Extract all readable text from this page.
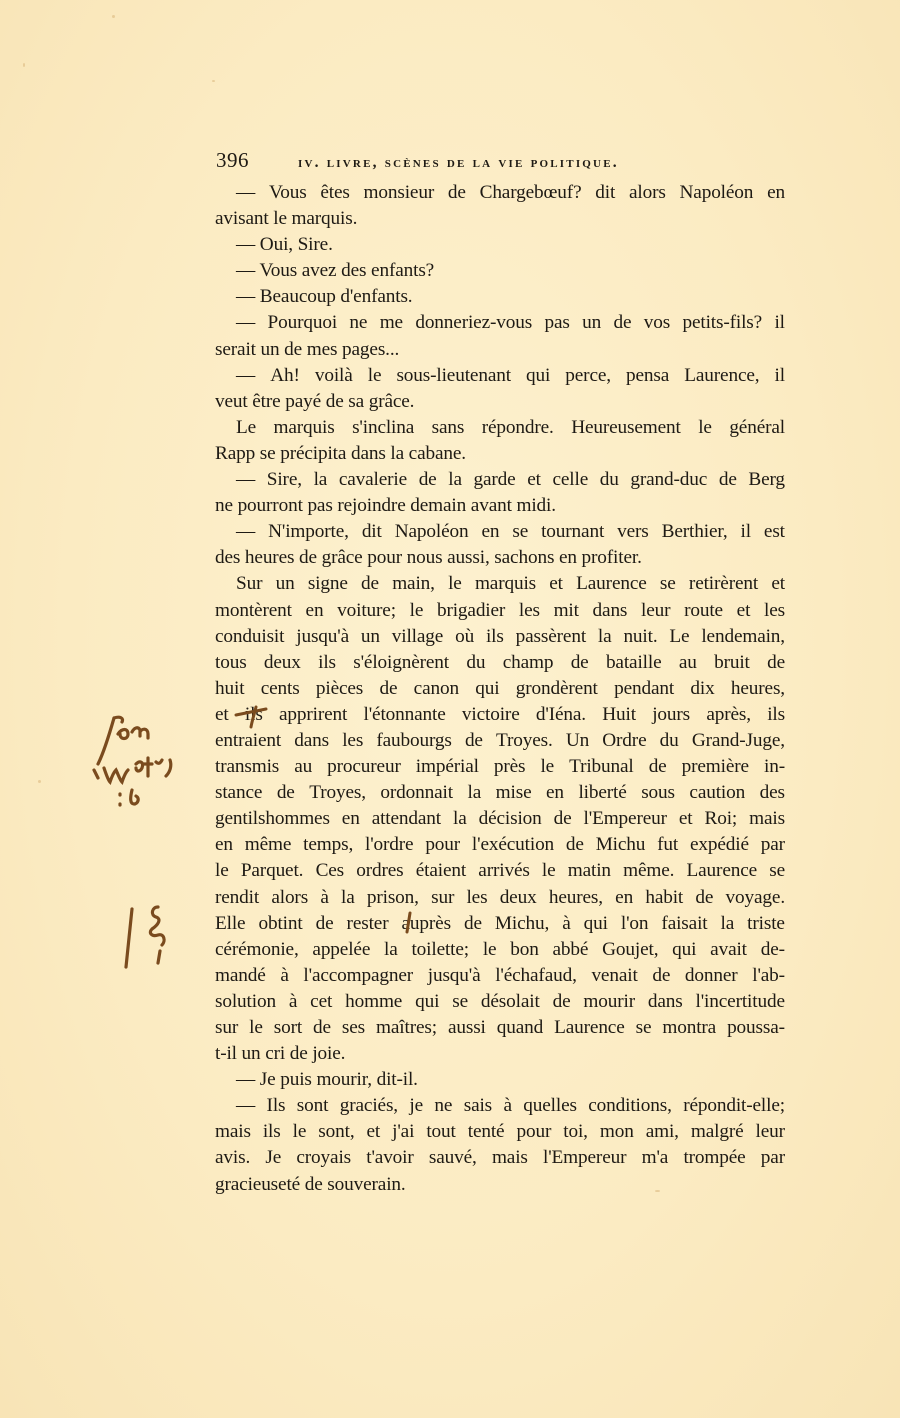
396	iv. livre, scènes de la vie politique.
— Vous êtes monsieur de Chargebœuf? dit alors Napoléon en
avisant le marquis.
— Oui, Sire.
— Vous avez des enfants?
— Beaucoup d'enfants.
— Pourquoi ne me donneriez-vous pas un de vos petits-fils? il
serait un de mes pages...
— Ah! voilà le sous-lieutenant qui perce, pensa Laurence, il
veut être payé de sa grâce.
Le marquis s'inclina sans répondre. Heureusement le général
Rapp se précipita dans la cabane.
— Sire, la cavalerie de la garde et celle du grand-duc de Berg
ne pourront pas rejoindre demain avant midi.
— N'importe, dit Napoléon en se tournant vers Berthier, il est
des heures de grâce pour nous aussi, sachons en profiter.
Sur un signe de main, le marquis et Laurence se retirèrent et
montèrent en voiture; le brigadier les mit dans leur route et les
conduisit jusqu'à un village où ils passèrent la nuit. Le lendemain,
tous deux ils s'éloignèrent du champ de bataille au bruit de
huit cents pièces de canon qui grondèrent pendant dix heures,
et ils apprirent l'étonnante victoire d'Iéna. Huit jours après, ils
entraient dans les faubourgs de Troyes. Un Ordre du Grand-Juge,
transmis au procureur impérial près le Tribunal de première in-
stance de Troyes, ordonnait la mise en liberté sous caution des
gentilshommes en attendant la décision de l'Empereur et Roi; mais
en même temps, l'ordre pour l'exécution de Michu fut expédié par
le Parquet. Ces ordres étaient arrivés le matin même. Laurence se
rendit alors à la prison, sur les deux heures, en habit de voyage.
Elle obtint de rester auprès de Michu, à qui l'on faisait la triste
cérémonie, appelée la toilette; le bon abbé Goujet, qui avait de-
mandé à l'accompagner jusqu'à l'échafaud, venait de donner l'ab-
solution à cet homme qui se désolait de mourir dans l'incertitude
sur le sort de ses maîtres; aussi quand Laurence se montra poussa-
t-il un cri de joie.
— Je puis mourir, dit-il.
— Ils sont graciés, je ne sais à quelles conditions, répondit-elle;
mais ils le sont, et j'ai tout tenté pour toi, mon ami, malgré leur
avis. Je croyais t'avoir sauvé, mais l'Empereur m'a trompée par
gracieuseté de souverain.
